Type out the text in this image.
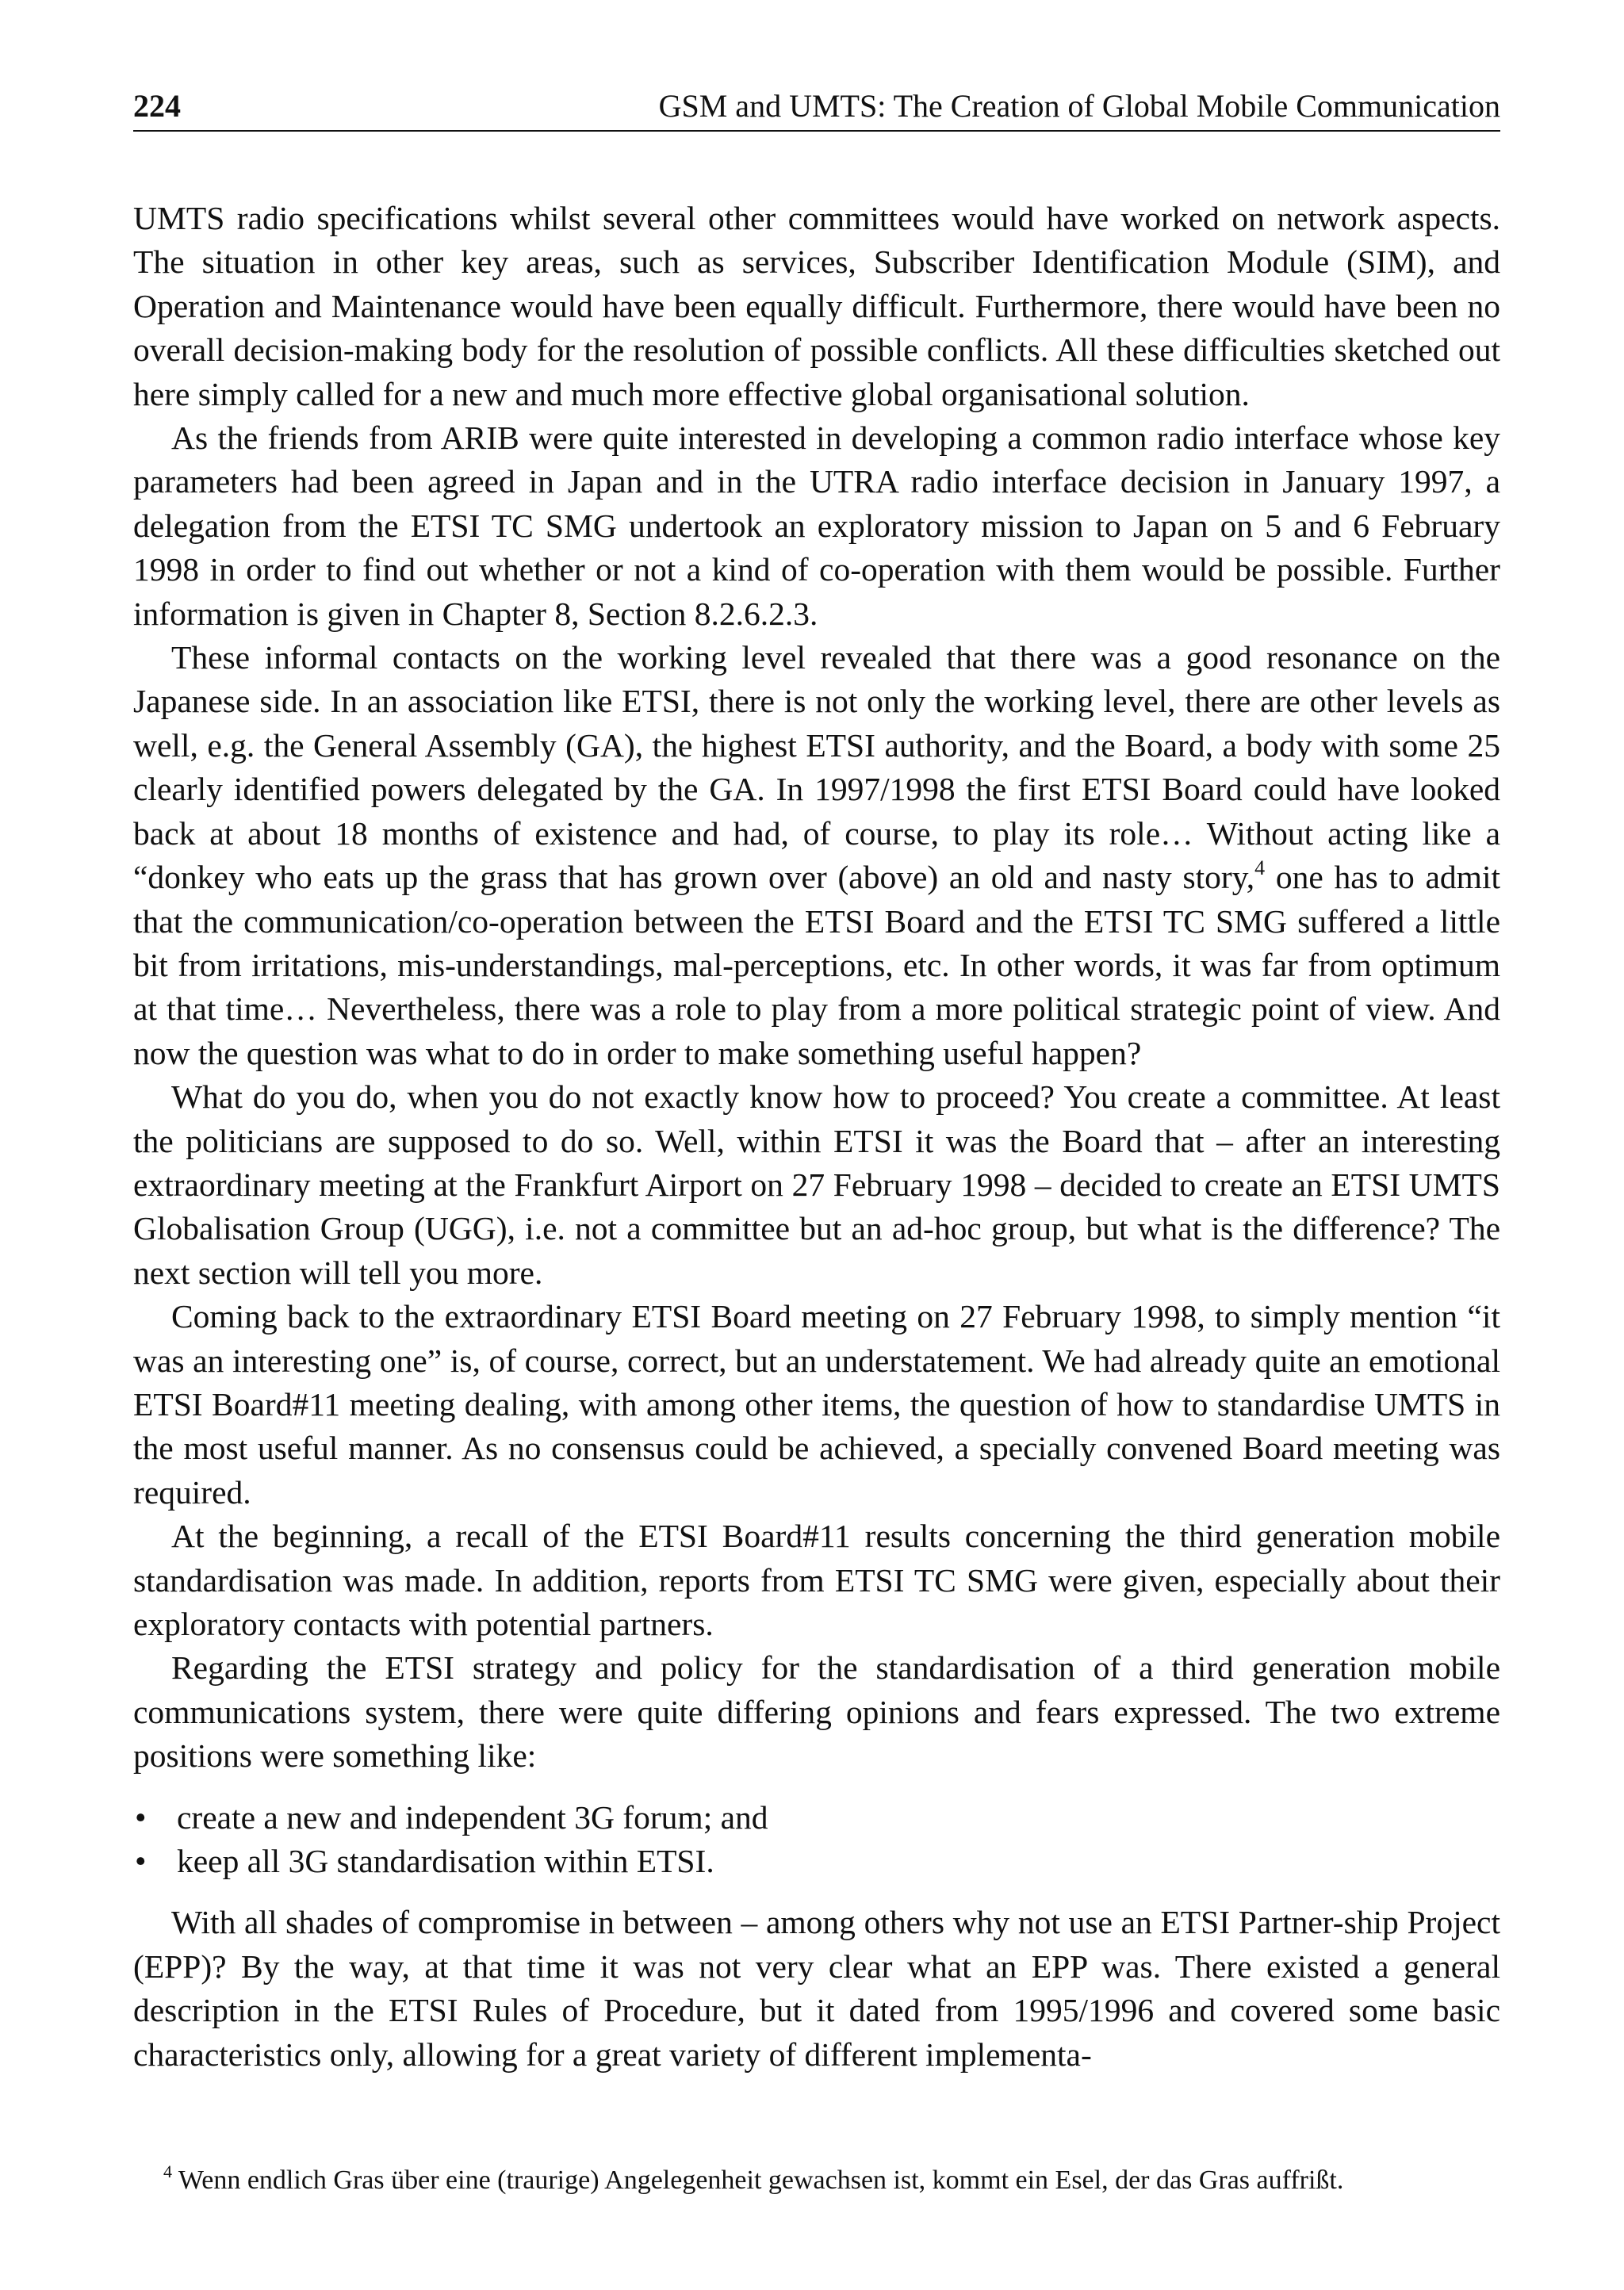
224	GSM and UMTS: The Creation of Global Mobile Communication

UMTS radio specifications whilst several other committees would have worked on network aspects. The situation in other key areas, such as services, Subscriber Identification Module (SIM), and Operation and Maintenance would have been equally difficult. Furthermore, there would have been no overall decision-making body for the resolution of possible conflicts. All these difficulties sketched out here simply called for a new and much more effective global organisational solution.

As the friends from ARIB were quite interested in developing a common radio interface whose key parameters had been agreed in Japan and in the UTRA radio interface decision in January 1997, a delegation from the ETSI TC SMG undertook an exploratory mission to Japan on 5 and 6 February 1998 in order to find out whether or not a kind of co-operation with them would be possible. Further information is given in Chapter 8, Section 8.2.6.2.3.

These informal contacts on the working level revealed that there was a good resonance on the Japanese side. In an association like ETSI, there is not only the working level, there are other levels as well, e.g. the General Assembly (GA), the highest ETSI authority, and the Board, a body with some 25 clearly identified powers delegated by the GA. In 1997/1998 the first ETSI Board could have looked back at about 18 months of existence and had, of course, to play its role… Without acting like a “donkey who eats up the grass that has grown over (above) an old and nasty story,$^4$ one has to admit that the communication/co-operation between the ETSI Board and the ETSI TC SMG suffered a little bit from irritations, mis-understandings, mal-perceptions, etc. In other words, it was far from optimum at that time… Nevertheless, there was a role to play from a more political strategic point of view. And now the question was what to do in order to make something useful happen?

What do you do, when you do not exactly know how to proceed? You create a committee. At least the politicians are supposed to do so. Well, within ETSI it was the Board that – after an interesting extraordinary meeting at the Frankfurt Airport on 27 February 1998 – decided to create an ETSI UMTS Globalisation Group (UGG), i.e. not a committee but an ad-hoc group, but what is the difference? The next section will tell you more.

Coming back to the extraordinary ETSI Board meeting on 27 February 1998, to simply mention “it was an interesting one” is, of course, correct, but an understatement. We had already quite an emotional ETSI Board#11 meeting dealing, with among other items, the question of how to standardise UMTS in the most useful manner. As no consensus could be achieved, a specially convened Board meeting was required.

At the beginning, a recall of the ETSI Board#11 results concerning the third generation mobile standardisation was made. In addition, reports from ETSI TC SMG were given, especially about their exploratory contacts with potential partners.

Regarding the ETSI strategy and policy for the standardisation of a third generation mobile communications system, there were quite differing opinions and fears expressed. The two extreme positions were something like:

• create a new and independent 3G forum; and
• keep all 3G standardisation within ETSI.

With all shades of compromise in between – among others why not use an ETSI Partner-ship Project (EPP)? By the way, at that time it was not very clear what an EPP was. There existed a general description in the ETSI Rules of Procedure, but it dated from 1995/1996 and covered some basic characteristics only, allowing for a great variety of different implementa-

$^4$ Wenn endlich Gras über eine (traurige) Angelegenheit gewachsen ist, kommt ein Esel, der das Gras auffrißt.
